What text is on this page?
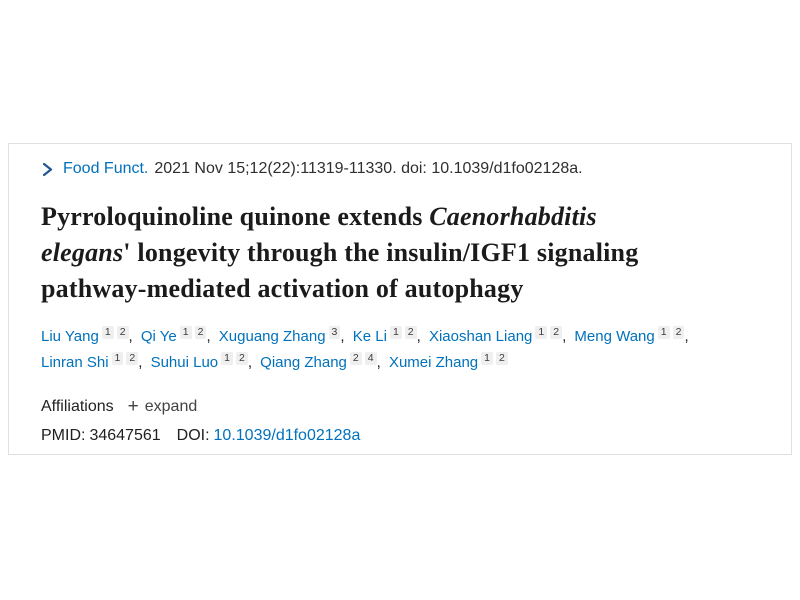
Food Funct. 2021 Nov 15;12(22):11319-11330. doi: 10.1039/d1fo02128a.
Pyrroloquinoline quinone extends Caenorhabditis
elegans' longevity through the insulin/IGF1 signaling
pathway-mediated activation of autophagy
Liu Yang $^1$ $^2$ , Qi Ye $^1$ $^2$ , Xuguang Zhang $^3$ , Ke Li $^1$ $^2$ , Xiaoshan Liang $^1$ $^2$ , Meng Wang $^1$ $^2$ ,
Linran Shi $^1$ $^2$ , Suhui Luo $^1$ $^2$ , Qiang Zhang $^2$ $^4$ , Xumei Zhang $^1$ $^2$
Affiliations + expand
PMID: 34647561 DOI: 10.1039/d1fo02128a
